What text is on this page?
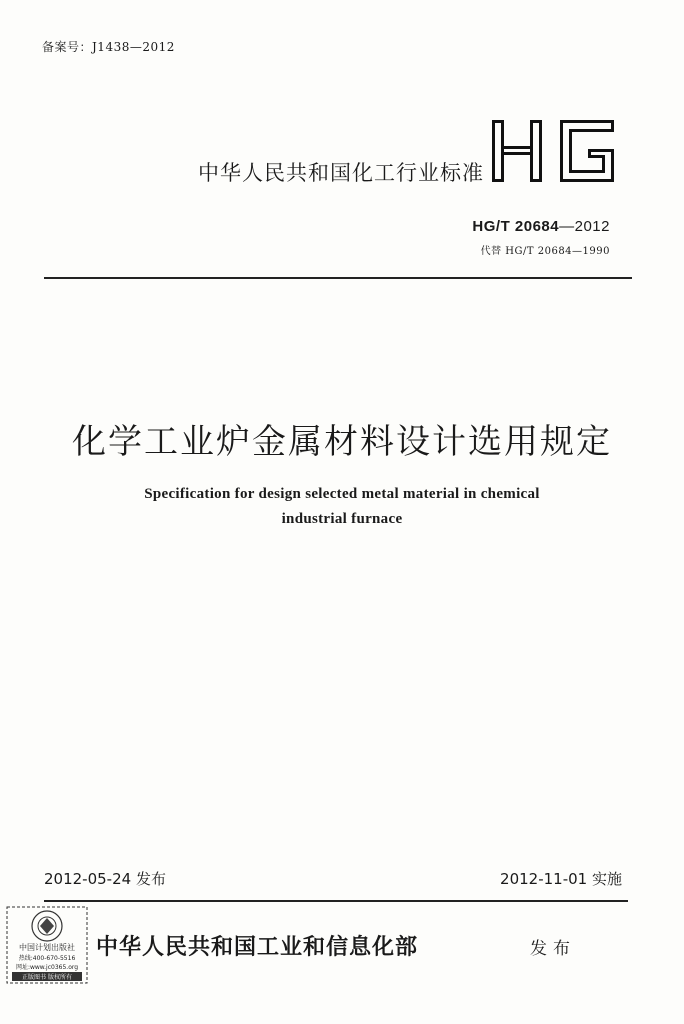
备案号：J1438—2012
中华人民共和国化工行业标准
HG/T 20684—2012
代替 HG/T 20684—1990
化学工业炉金属材料设计选用规定
Specification for design selected metal material in chemical
industrial furnace
2012-05-24 发布	2012-11-01 实施
中国计划出版社
热线:400-670-5516
网址:www.jc0365.org
正版图书 版权所有
中华人民共和国工业和信息化部	发布
